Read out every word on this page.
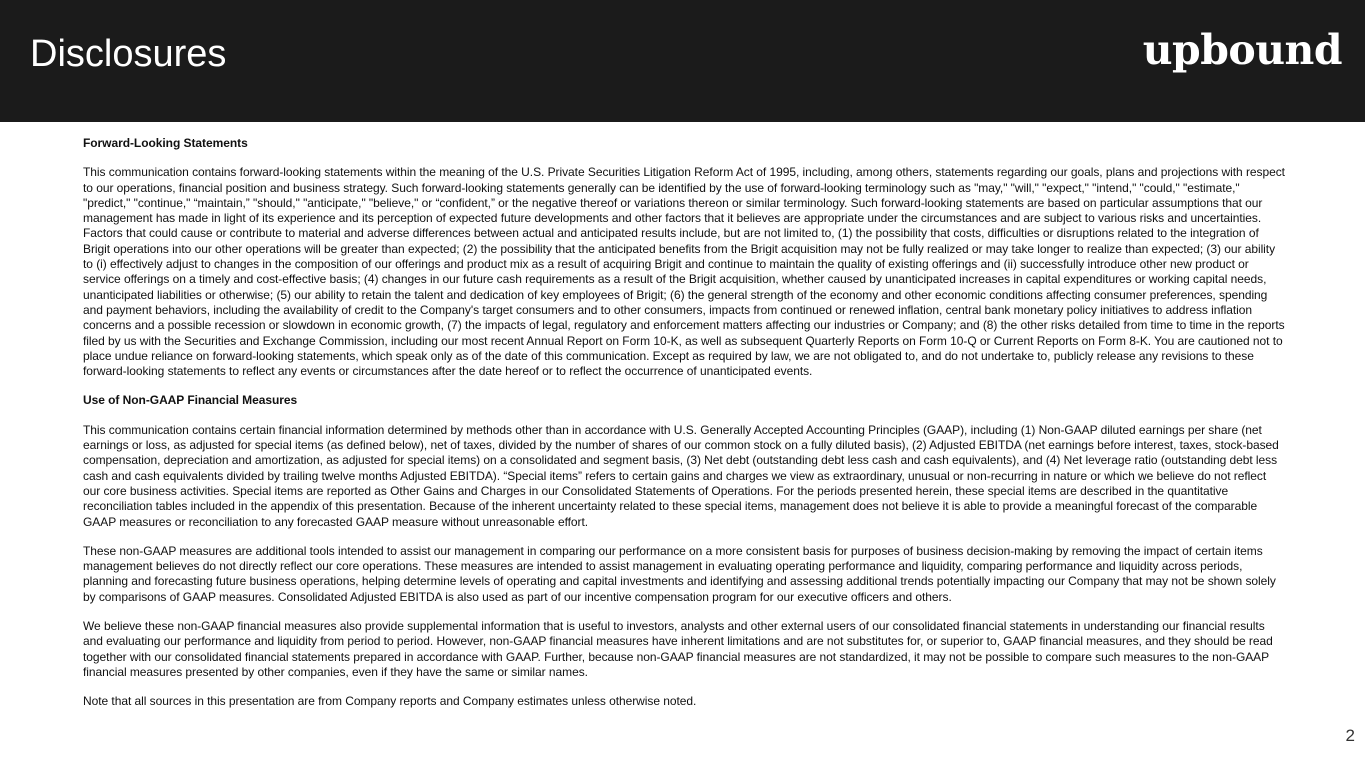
Disclosures	upbound
Forward-Looking Statements

This communication contains forward-looking statements within the meaning of the U.S. Private Securities Litigation Reform Act of 1995, including, among others, statements regarding our goals, plans and projections with respect to our operations, financial position and business strategy. Such forward-looking statements generally can be identified by the use of forward-looking terminology such as "may," "will," "expect," "intend," "could," "estimate," "predict," "continue," “maintain,” "should," "anticipate," "believe," or “confident,” or the negative thereof or variations thereon or similar terminology. Such forward-looking statements are based on particular assumptions that our management has made in light of its experience and its perception of expected future developments and other factors that it believes are appropriate under the circumstances and are subject to various risks and uncertainties. Factors that could cause or contribute to material and adverse differences between actual and anticipated results include, but are not limited to, (1) the possibility that costs, difficulties or disruptions related to the integration of Brigit operations into our other operations will be greater than expected; (2) the possibility that the anticipated benefits from the Brigit acquisition may not be fully realized or may take longer to realize than expected; (3) our ability to (i) effectively adjust to changes in the composition of our offerings and product mix as a result of acquiring Brigit and continue to maintain the quality of existing offerings and (ii) successfully introduce other new product or service offerings on a timely and cost-effective basis; (4) changes in our future cash requirements as a result of the Brigit acquisition, whether caused by unanticipated increases in capital expenditures or working capital needs, unanticipated liabilities or otherwise; (5) our ability to retain the talent and dedication of key employees of Brigit; (6) the general strength of the economy and other economic conditions affecting consumer preferences, spending and payment behaviors, including the availability of credit to the Company's target consumers and to other consumers, impacts from continued or renewed inflation, central bank monetary policy initiatives to address inflation concerns and a possible recession or slowdown in economic growth, (7) the impacts of legal, regulatory and enforcement matters affecting our industries or Company; and (8) the other risks detailed from time to time in the reports filed by us with the Securities and Exchange Commission, including our most recent Annual Report on Form 10-K, as well as subsequent Quarterly Reports on Form 10-Q or Current Reports on Form 8-K. You are cautioned not to place undue reliance on forward-looking statements, which speak only as of the date of this communication. Except as required by law, we are not obligated to, and do not undertake to, publicly release any revisions to these forward-looking statements to reflect any events or circumstances after the date hereof or to reflect the occurrence of unanticipated events.

Use of Non-GAAP Financial Measures

This communication contains certain financial information determined by methods other than in accordance with U.S. Generally Accepted Accounting Principles (GAAP), including (1) Non-GAAP diluted earnings per share (net earnings or loss, as adjusted for special items (as defined below), net of taxes, divided by the number of shares of our common stock on a fully diluted basis), (2) Adjusted EBITDA (net earnings before interest, taxes, stock-based compensation, depreciation and amortization, as adjusted for special items) on a consolidated and segment basis, (3) Net debt (outstanding debt less cash and cash equivalents), and (4) Net leverage ratio (outstanding debt less cash and cash equivalents divided by trailing twelve months Adjusted EBITDA). “Special items” refers to certain gains and charges we view as extraordinary, unusual or non-recurring in nature or which we believe do not reflect our core business activities. Special items are reported as Other Gains and Charges in our Consolidated Statements of Operations. For the periods presented herein, these special items are described in the quantitative reconciliation tables included in the appendix of this presentation. Because of the inherent uncertainty related to these special items, management does not believe it is able to provide a meaningful forecast of the comparable GAAP measures or reconciliation to any forecasted GAAP measure without unreasonable effort.

These non-GAAP measures are additional tools intended to assist our management in comparing our performance on a more consistent basis for purposes of business decision-making by removing the impact of certain items management believes do not directly reflect our core operations. These measures are intended to assist management in evaluating operating performance and liquidity, comparing performance and liquidity across periods, planning and forecasting future business operations, helping determine levels of operating and capital investments and identifying and assessing additional trends potentially impacting our Company that may not be shown solely by comparisons of GAAP measures. Consolidated Adjusted EBITDA is also used as part of our incentive compensation program for our executive officers and others.

We believe these non-GAAP financial measures also provide supplemental information that is useful to investors, analysts and other external users of our consolidated financial statements in understanding our financial results and evaluating our performance and liquidity from period to period. However, non-GAAP financial measures have inherent limitations and are not substitutes for, or superior to, GAAP financial measures, and they should be read together with our consolidated financial statements prepared in accordance with GAAP. Further, because non-GAAP financial measures are not standardized, it may not be possible to compare such measures to the non-GAAP financial measures presented by other companies, even if they have the same or similar names.

Note that all sources in this presentation are from Company reports and Company estimates unless otherwise noted.

2
